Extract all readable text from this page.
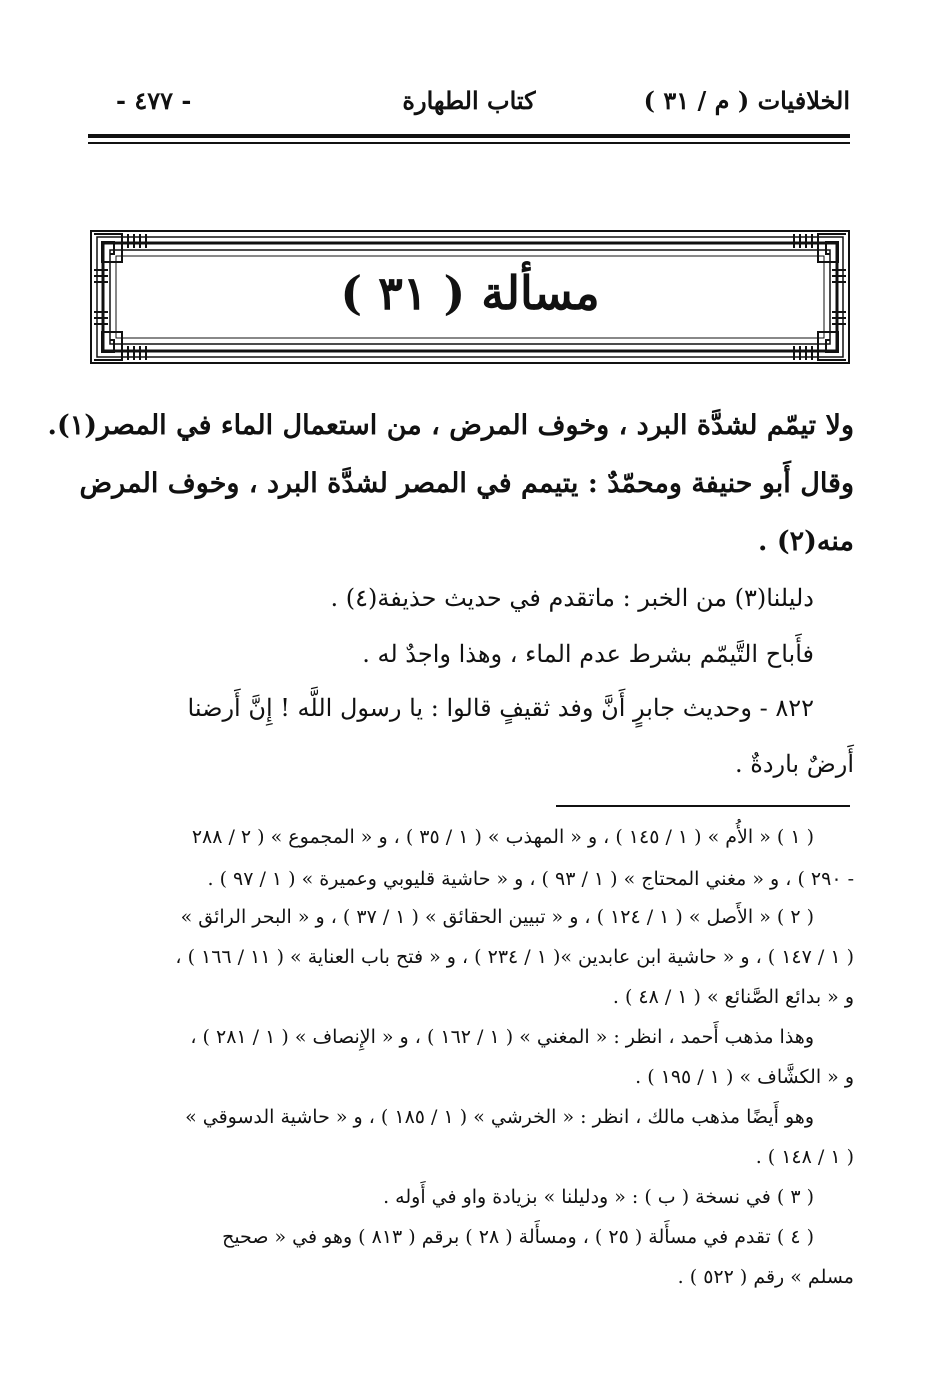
الخلافيات ( م / ٣١ )
كتاب الطهارة
- ٤٧٧ -
مسألة ( ٣١ )
ولا تيمّم لشدَّة البرد ، وخوف المرض ، من استعمال الماء في المصر(١).
وقال أَبو حنيفة ومحمّدٌ : يتيمم في المصر لشدَّة البرد ، وخوف المرض
منه(٢) .
دليلنا(٣) من الخبر : ماتقدم في حديث حذيفة(٤) .
فأَباح التَّيمّم بشرط عدم الماء ، وهذا واجدٌ له .
٨٢٢ - وحديث جابرٍ أَنَّ وفد ثقيفٍ قالوا : يا رسول اللَّه ! إِنَّ أَرضنا
أَرضٌ باردةٌ .
( ١ ) « الأُم » ( ١ / ١٤٥ ) ، و « المهذب » ( ١ / ٣٥ ) ، و « المجموع » ( ٢ / ٢٨٨
- ٢٩٠ ) ، و « مغني المحتاج » ( ١ / ٩٣ ) ، و « حاشية قليوبي وعميرة » ( ١ / ٩٧ ) .
( ٢ ) « الأَصل » ( ١ / ١٢٤ ) ، و « تبيين الحقائق » ( ١ / ٣٧ ) ، و « البحر الرائق »
( ١ / ١٤٧ ) ، و « حاشية ابن عابدين »( ١ / ٢٣٤ ) ، و « فتح باب العناية » ( ١١ / ١٦٦ ) ،
و « بدائع الصَّنائع » ( ١ / ٤٨ ) .
وهذا مذهب أَحمد ، انظر : « المغني » ( ١ / ١٦٢ ) ، و « الإِنصاف » ( ١ / ٢٨١ ) ،
و « الكشَّاف » ( ١ / ١٩٥ ) .
وهو أَيضًا مذهب مالك ، انظر : « الخرشي » ( ١ / ١٨٥ ) ، و « حاشية الدسوقي »
( ١ / ١٤٨ ) .
( ٣ ) في نسخة ( ب ) : « ودليلنا » بزيادة واو في أَوله .
( ٤ ) تقدم في مسأَلة ( ٢٥ ) ، ومسأَلة ( ٢٨ ) برقم ( ٨١٣ ) وهو في « صحيح
مسلم » رقم ( ٥٢٢ ) .
